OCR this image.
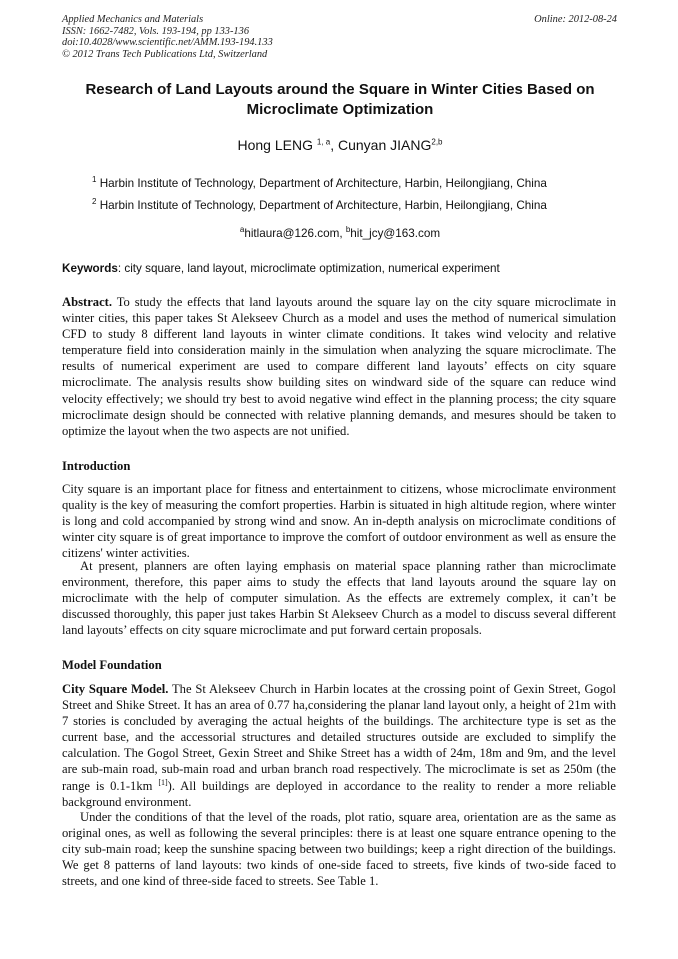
Applied Mechanics and Materials
ISSN: 1662-7482, Vols. 193-194, pp 133-136
doi:10.4028/www.scientific.net/AMM.193-194.133
© 2012 Trans Tech Publications Ltd, Switzerland
Online: 2012-08-24
Research of Land Layouts around the Square in Winter Cities Based on Microclimate Optimization
Hong LENG $^{1, a}$, Cunyan JIANG$^{2,b}$
$^1$ Harbin Institute of Technology, Department of Architecture, Harbin, Heilongjiang, China
$^2$ Harbin Institute of Technology, Department of Architecture, Harbin, Heilongjiang, China
$^a$hitlaura@126.com, $^b$hit_jcy@163.com
Keywords: city square, land layout, microclimate optimization, numerical experiment
Abstract. To study the effects that land layouts around the square lay on the city square microclimate in winter cities, this paper takes St Alekseev Church as a model and uses the method of numerical simulation CFD to study 8 different land layouts in winter climate conditions. It takes wind velocity and relative temperature field into consideration mainly in the simulation when analyzing the square microclimate. The results of numerical experiment are used to compare different land layouts’ effects on city square microclimate. The analysis results show building sites on windward side of the square can reduce wind velocity effectively; we should try best to avoid negative wind effect in the planning process; the city square microclimate design should be connected with relative planning demands, and mesures should be taken to optimize the layout when the two aspects are not unified.
Introduction
City square is an important place for fitness and entertainment to citizens, whose microclimate environment quality is the key of measuring the comfort properties. Harbin is situated in high altitude region, where winter is long and cold accompanied by strong wind and snow. An in-depth analysis on microclimate conditions of winter city square is of great importance to improve the comfort of outdoor environment as well as ensure the citizens' winter activities.
At present, planners are often laying emphasis on material space planning rather than microclimate environment, therefore, this paper aims to study the effects that land layouts around the square lay on microclimate with the help of computer simulation. As the effects are extremely complex, it can’t be discussed thoroughly, this paper just takes Harbin St Alekseev Church as a model to discuss several different land layouts’ effects on city square microclimate and put forward certain proposals.
Model Foundation
City Square Model. The St Alekseev Church in Harbin locates at the crossing point of Gexin Street, Gogol Street and Shike Street. It has an area of 0.77 ha,considering the planar land layout only, a height of 21m with 7 stories is concluded by averaging the actual heights of the buildings. The architecture type is set as the current base, and the accessorial structures and detailed structures outside are excluded to simplify the calculation. The Gogol Street, Gexin Street and Shike Street has a width of 24m, 18m and 9m, and the level are sub-main road, sub-main road and urban branch road respectively. The microclimate is set as 250m (the range is 0.1-1km [1]). All buildings are deployed in accordance to the reality to render a more reliable background environment.
Under the conditions of that the level of the roads, plot ratio, square area, orientation are as the same as original ones, as well as following the several principles: there is at least one square entrance opening to the city sub-main road; keep the sunshine spacing between two buildings; keep a right direction of the buildings. We get 8 patterns of land layouts: two kinds of one-side faced to streets, five kinds of two-side faced to streets, and one kind of three-side faced to streets. See Table 1.
